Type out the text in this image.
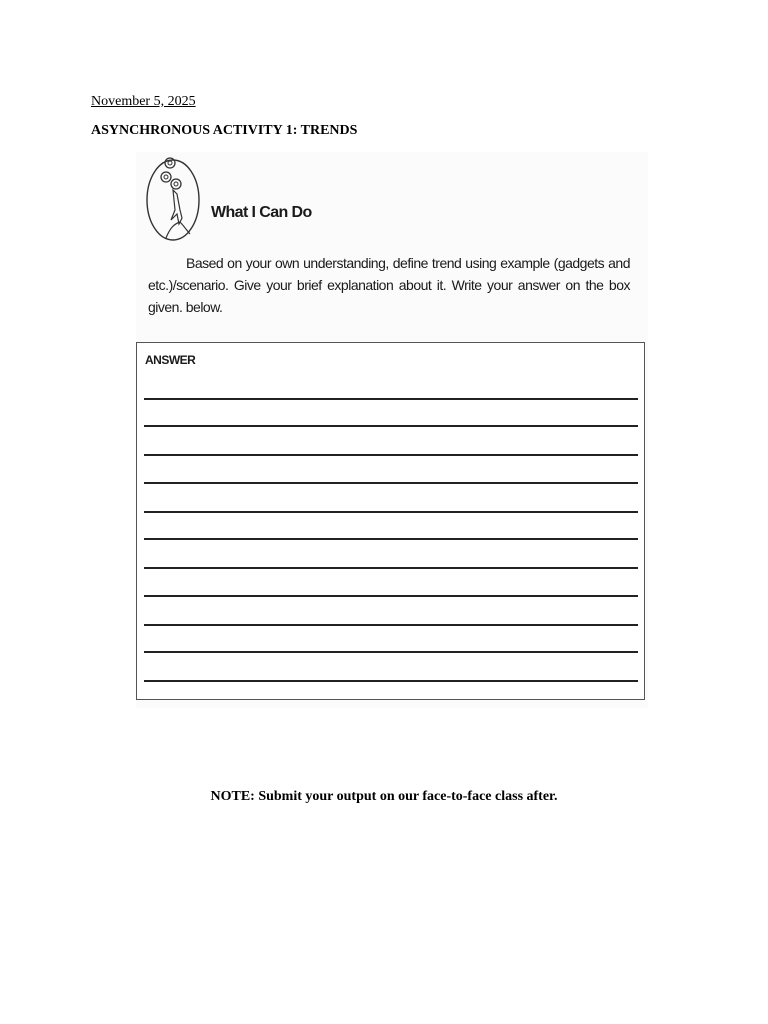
November 5, 2025
ASYNCHRONOUS ACTIVITY 1: TRENDS
What I Can Do
Based on your own understanding, define trend using example (gadgets and etc.)/scenario. Give your brief explanation about it. Write your answer on the box given. below.
ANSWER
NOTE: Submit your output on our face-to-face class after.
